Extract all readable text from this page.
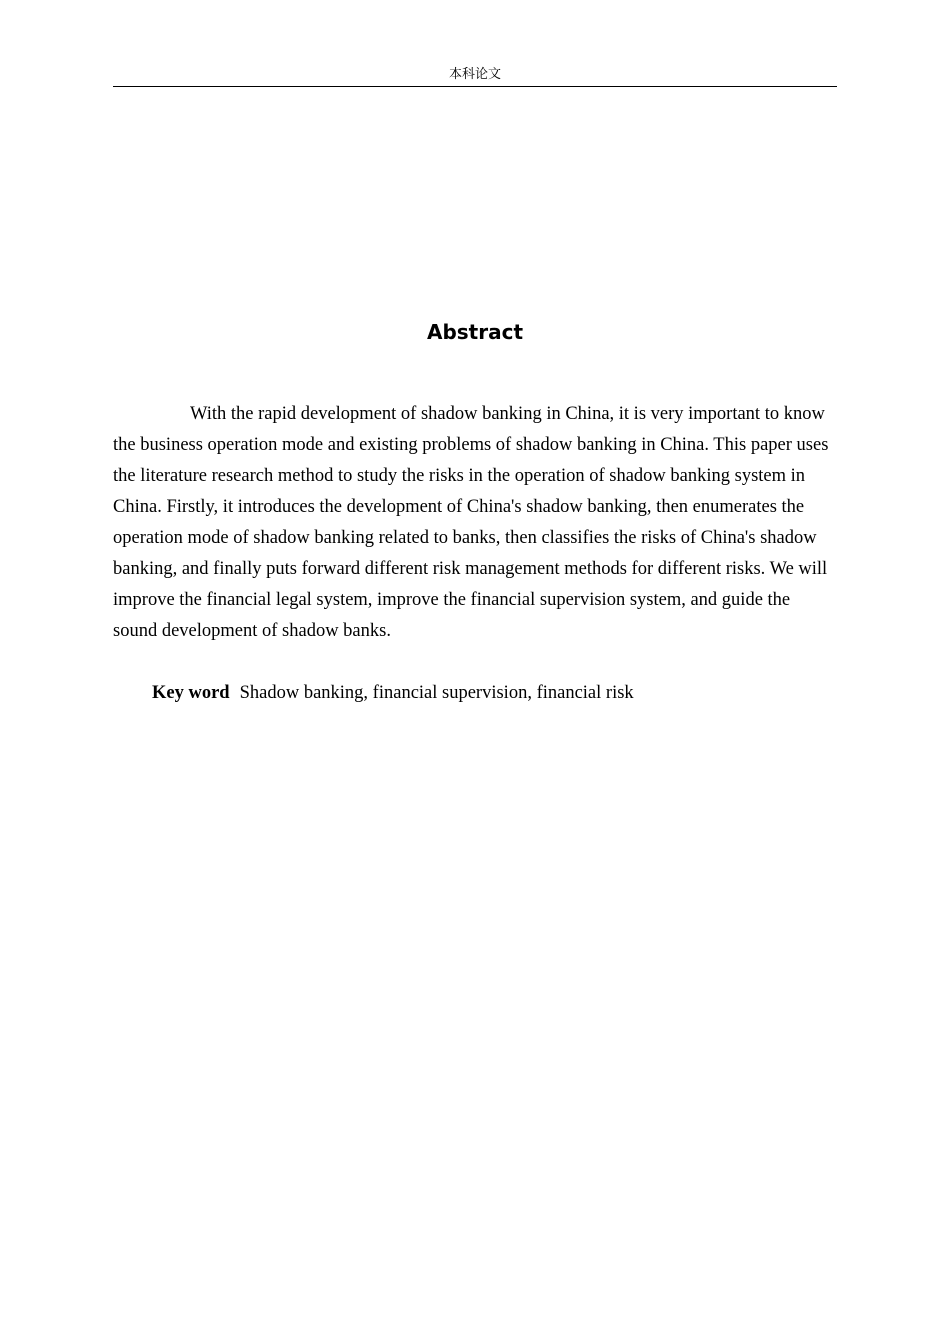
本科论文
Abstract

With the rapid development of shadow banking in China, it is very important to know the business operation mode and existing problems of shadow banking in China. This paper uses the literature research method to study the risks in the operation of shadow banking system in China. Firstly, it introduces the development of China's shadow banking, then enumerates the operation mode of shadow banking related to banks, then classifies the risks of China's shadow banking, and finally puts forward different risk management methods for different risks. We will improve the financial legal system, improve the financial supervision system, and guide the sound development of shadow banks.

Key word Shadow banking, financial supervision, financial risk
